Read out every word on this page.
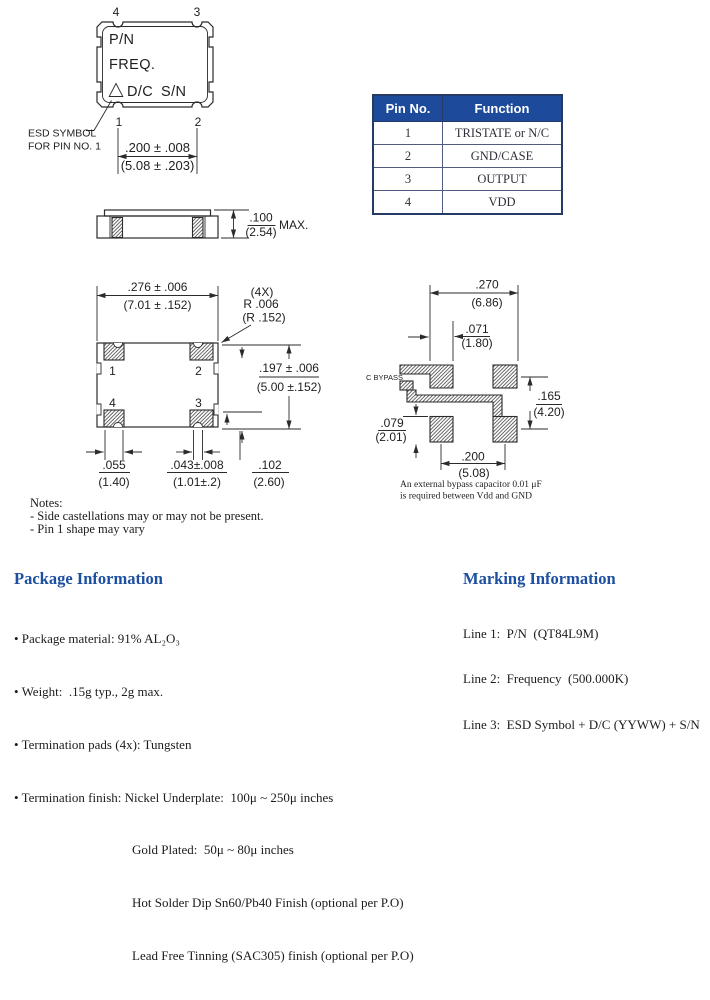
4	3
1	2
P/N
FREQ.
D/C S/N
ESD SYMBOL
FOR PIN NO. 1 .200 ± .008
(5.08 ± .203)
.100
(2.54) MAX.
1	2
4	3
.276 ± .006
(7.01 ± .152)
(4X)
R .006
(R .152)
.197 ± .006
(5.00 ±.152)
.055
(1.40)
.043±.008
(1.01±.2)
.102
(2.60)
C BYPASS
.270
(6.86)
.071
(1.80)
.165
(4.20)
.079
(2.01)
.200
(5.08)
An external bypass capacitor 0.01 μF
is required between Vdd and GND
Pin No.	Function
1	TRISTATE or N/C
2	GND/CASE
3	OUTPUT
4	VDD
Notes:
- Side castellations may or may not be present.
- Pin 1 shape may vary
Package Information

• Package material: 91% AL₂O₃

• Weight:  .15g typ., 2g max.

• Termination pads (4x): Tungsten

• Termination finish: Nickel Underplate:  100μ ~ 250μ inches

Gold Plated:  50μ ~ 80μ inches

Hot Solder Dip Sn60/Pb40 Finish (optional per P.O)

Lead Free Tinning (SAC305) finish (optional per P.O)

Marking Information

Line 1:  P/N  (QT84L9M)

Line 2:  Frequency  (500.000K)

Line 3:  ESD Symbol + D/C (YYWW) + S/N
